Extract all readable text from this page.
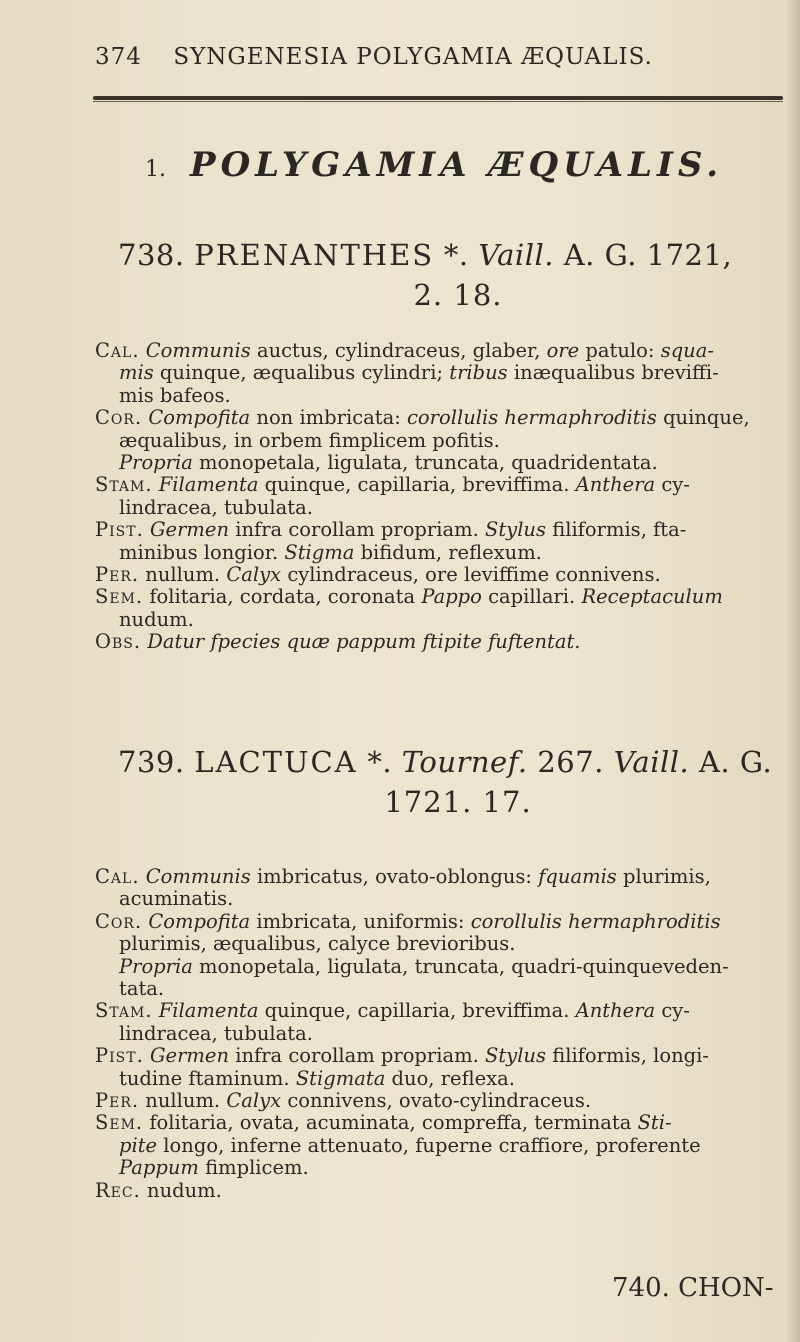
374 SYNGENESIA POLYGAMIA ÆQUALIS.
1. POLYGAMIA ÆQUALIS.
738. PRENANTHES *. Vaill. A. G. 1721,
2. 18.
Cal. Communis auctus, cylindraceus, glaber, ore patulo: squa-
mis quinque, æqualibus cylindri; tribus inæqualibus breviffi-
mis bafeos.
Cor. Compofita non imbricata: corollulis hermaphroditis quinque,
æqualibus, in orbem fimplicem pofitis.
Propria monopetala, ligulata, truncata, quadridentata.
Stam. Filamenta quinque, capillaria, breviffima. Anthera cy-
lindracea, tubulata.
Pist. Germen infra corollam propriam. Stylus filiformis, fta-
minibus longior. Stigma bifidum, reflexum.
Per. nullum. Calyx cylindraceus, ore leviffime connivens.
Sem. folitaria, cordata, coronata Pappo capillari. Receptaculum
nudum.
Obs. Datur fpecies quæ pappum ftipite fuftentat.
739. LACTUCA *. Tournef. 267. Vaill. A. G.
1721. 17.
Cal. Communis imbricatus, ovato-oblongus: fquamis plurimis,
acuminatis.
Cor. Compofita imbricata, uniformis: corollulis hermaphroditis
plurimis, æqualibus, calyce brevioribus.
Propria monopetala, ligulata, truncata, quadri-quinqueveden-
tata.
Stam. Filamenta quinque, capillaria, breviffima. Anthera cy-
lindracea, tubulata.
Pist. Germen infra corollam propriam. Stylus filiformis, longi-
tudine ftaminum. Stigmata duo, reflexa.
Per. nullum. Calyx connivens, ovato-cylindraceus.
Sem. folitaria, ovata, acuminata, compreffa, terminata Sti-
pite longo, inferne attenuato, fuperne craffiore, proferente
Pappum fimplicem.
Rec. nudum.
740. CHON-
